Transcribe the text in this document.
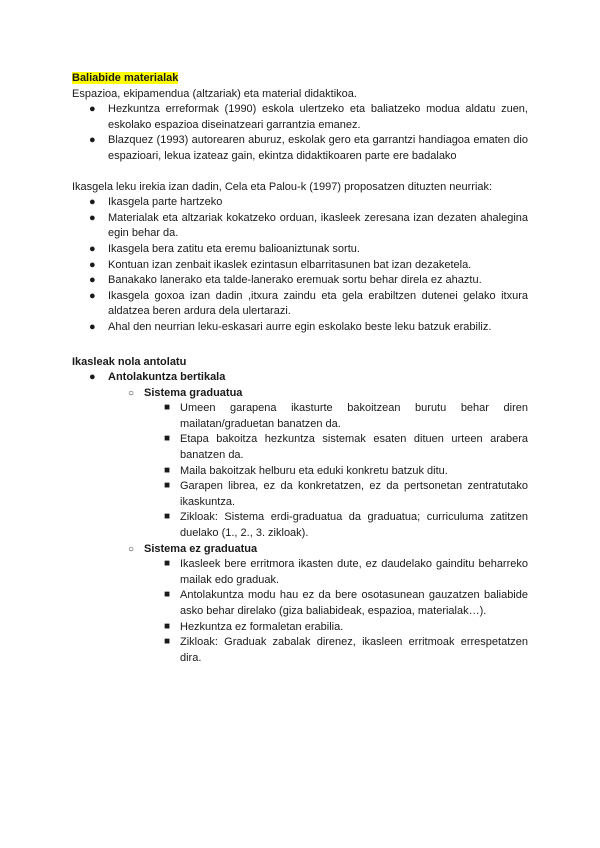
Baliabide materialak

Espazioa, ekipamendua (altzariak) eta material didaktikoa.

● Hezkuntza erreformak (1990) eskola ulertzeko eta baliatzeko modua aldatu zuen, eskolako espazioa diseinatzeari garrantzia emanez.
● Blazquez (1993) autorearen aburuz, eskolak gero eta garrantzi handiagoa ematen dio espazioari, lekua izateaz gain, ekintza didaktikoaren parte ere badalako

Ikasgela leku irekia izan dadin, Cela eta Palou-k (1997) proposatzen dituzten neurriak:

● Ikasgela parte hartzeko
● Materialak eta altzariak kokatzeko orduan, ikasleek zeresana izan dezaten ahalegina egin behar da.
● Ikasgela bera zatitu eta eremu balioaniztunak sortu.
● Kontuan izan zenbait ikaslek ezintasun elbarritasunen bat izan dezaketela.
● Banakako lanerako eta talde-lanerako eremuak sortu behar direla ez ahaztu.
● Ikasgela goxoa izan dadin ,itxura zaindu eta gela erabiltzen dutenei gelako itxura aldatzea beren ardura dela ulertarazi.
● Ahal den neurrian leku-eskasari aurre egin eskolako beste leku batzuk erabiliz.

Ikasleak nola antolatu

● Antolakuntza bertikala
○ Sistema graduatua
■ Umeen garapena ikasturte bakoitzean burutu behar diren mailatan/graduetan banatzen da.
■ Etapa bakoitza hezkuntza sistemak esaten dituen urteen arabera banatzen da.
■ Maila bakoitzak helburu eta eduki konkretu batzuk ditu.
■ Garapen librea, ez da konkretatzen, ez da pertsonetan zentratutako ikaskuntza.
■ Zikloak: Sistema erdi-graduatua da graduatua; curriculuma zatitzen duelako (1., 2., 3. zikloak).
○ Sistema ez graduatua
■ Ikasleek bere erritmora ikasten dute, ez daudelako gainditu beharreko mailak edo graduak.
■ Antolakuntza modu hau ez da bere osotasunean gauzatzen baliabide asko behar direlako (giza baliabideak, espazioa, materialak…).
■ Hezkuntza ez formaletan erabilia.
■ Zikloak: Graduak zabalak direnez, ikasleen erritmoak errespetatzen dira.
